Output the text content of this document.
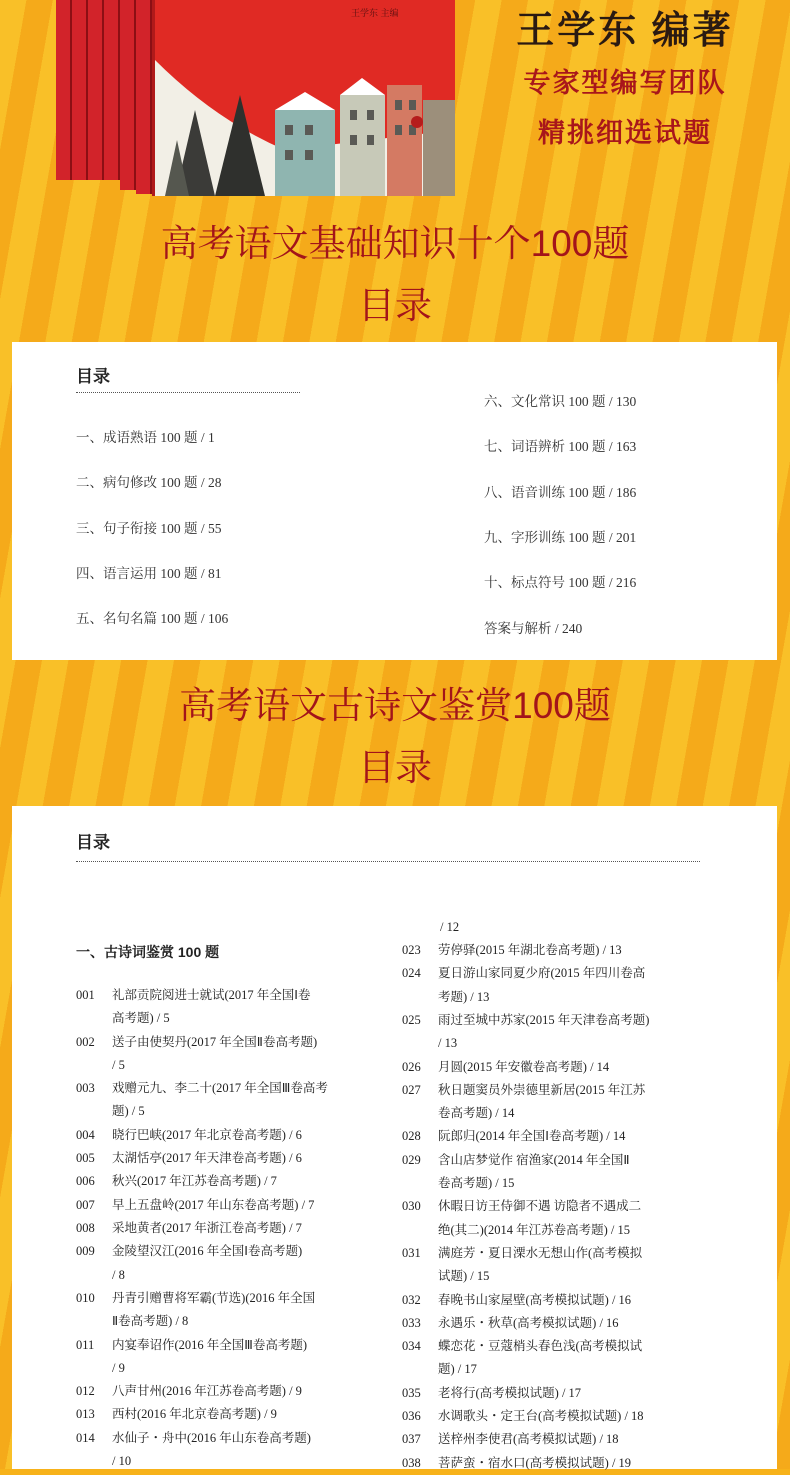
王学东 主编	王学东 编著
专家型编写团队
精挑细选试题
高考语文基础知识十个100题
目录
目录
一、成语熟语 100 题 / 1
二、病句修改 100 题 / 28
三、句子衔接 100 题 / 55
四、语言运用 100 题 / 81
五、名句名篇 100 题 / 106
六、文化常识 100 题 / 130
七、词语辨析 100 题 / 163
八、语音训练 100 题 / 186
九、字形训练 100 题 / 201
十、标点符号 100 题 / 216
答案与解析 / 240
高考语文古诗文鉴赏100题
目录
目录
一、古诗词鉴赏 100 题
/ 12
001	礼部贡院阅进士就试(2017 年全国Ⅰ卷
高考题) / 5
002	送子由使契丹(2017 年全国Ⅱ卷高考题)
/ 5
003	戏赠元九、李二十(2017 年全国Ⅲ卷高考
题) / 5
004	晓行巴峡(2017 年北京卷高考题) / 6
005	太湖恬亭(2017 年天津卷高考题) / 6
006	秋兴(2017 年江苏卷高考题) / 7
007	早上五盘岭(2017 年山东卷高考题) / 7
008	采地黄者(2017 年浙江卷高考题) / 7
009	金陵望汉江(2016 年全国Ⅰ卷高考题)
/ 8
010	丹青引赠曹将军霸(节选)(2016 年全国
Ⅱ卷高考题) / 8
011	内宴奉诏作(2016 年全国Ⅲ卷高考题)
/ 9
012	八声甘州(2016 年江苏卷高考题) / 9
013	西村(2016 年北京卷高考题) / 9
014	水仙子・舟中(2016 年山东卷高考题)
/ 10
023	劳停驿(2015 年湖北卷高考题) / 13
024	夏日游山家同夏少府(2015 年四川卷高
考题) / 13
025	雨过至城中苏家(2015 年天津卷高考题)
/ 13
026	月圆(2015 年安徽卷高考题) / 14
027	秋日题窦员外崇德里新居(2015 年江苏
卷高考题) / 14
028	阮郎归(2014 年全国Ⅰ卷高考题) / 14
029	含山店梦觉作 宿渔家(2014 年全国Ⅱ
卷高考题) / 15
030	休暇日访王侍御不遇 访隐者不遇成二
绝(其二)(2014 年江苏卷高考题) / 15
031	满庭芳・夏日溧水无想山作(高考模拟
试题) / 15
032	春晚书山家屋壁(高考模拟试题) / 16
033	永遇乐・秋草(高考模拟试题) / 16
034	蝶恋花・豆蔻梢头春色浅(高考模拟试
题) / 17
035	老将行(高考模拟试题) / 17
036	水调歌头・定王台(高考模拟试题) / 18
037	送梓州李使君(高考模拟试题) / 18
038	菩萨蛮・宿水口(高考模拟试题) / 19
